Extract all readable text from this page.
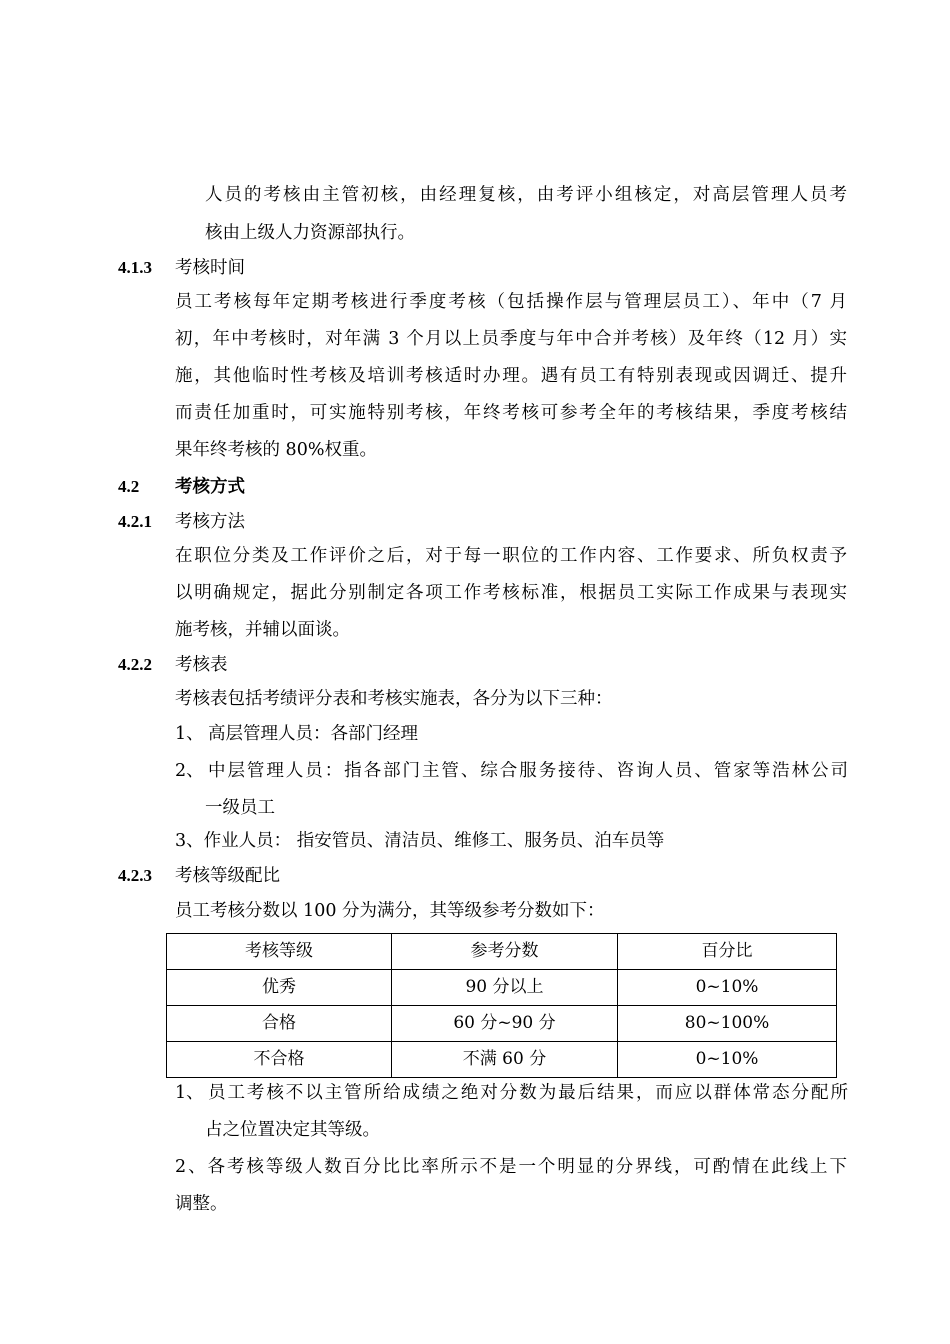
人员的考核由主管初核，由经理复核，由考评小组核定，对高层管理人员考
核由上级人力资源部执行。
4.1.3 考核时间
员工考核每年定期考核进行季度考核（包括操作层与管理层员工）、年中（7 月
初，年中考核时，对年满 3 个月以上员季度与年中合并考核）及年终（12 月）实
施，其他临时性考核及培训考核适时办理。遇有员工有特别表现或因调迁、提升
而责任加重时，可实施特别考核，年终考核可参考全年的考核结果，季度考核结
果年终考核的 80%权重。
4.2 考核方式
4.2.1 考核方法
在职位分类及工作评价之后，对于每一职位的工作内容、工作要求、所负权责予
以明确规定，据此分别制定各项工作考核标准，根据员工实际工作成果与表现实
施考核，并辅以面谈。
4.2.2 考核表
考核表包括考绩评分表和考核实施表，各分为以下三种：
1、 高层管理人员：各部门经理
2、 中层管理人员：指各部门主管、综合服务接待、咨询人员、管家等浩林公司
一级员工
3、作业人员： 指安管员、清洁员、维修工、服务员、泊车员等
4.2.3 考核等级配比
员工考核分数以 100 分为满分，其等级参考分数如下：
考核等级	参考分数	百分比
优秀	90 分以上	0~10%
合格	60 分~90 分	80~100%
不合格	不满 60 分	0~10%
1、 员工考核不以主管所给成绩之绝对分数为最后结果，而应以群体常态分配所
占之位置决定其等级。
2、各考核等级人数百分比比率所示不是一个明显的分界线，可酌情在此线上下
调整。
